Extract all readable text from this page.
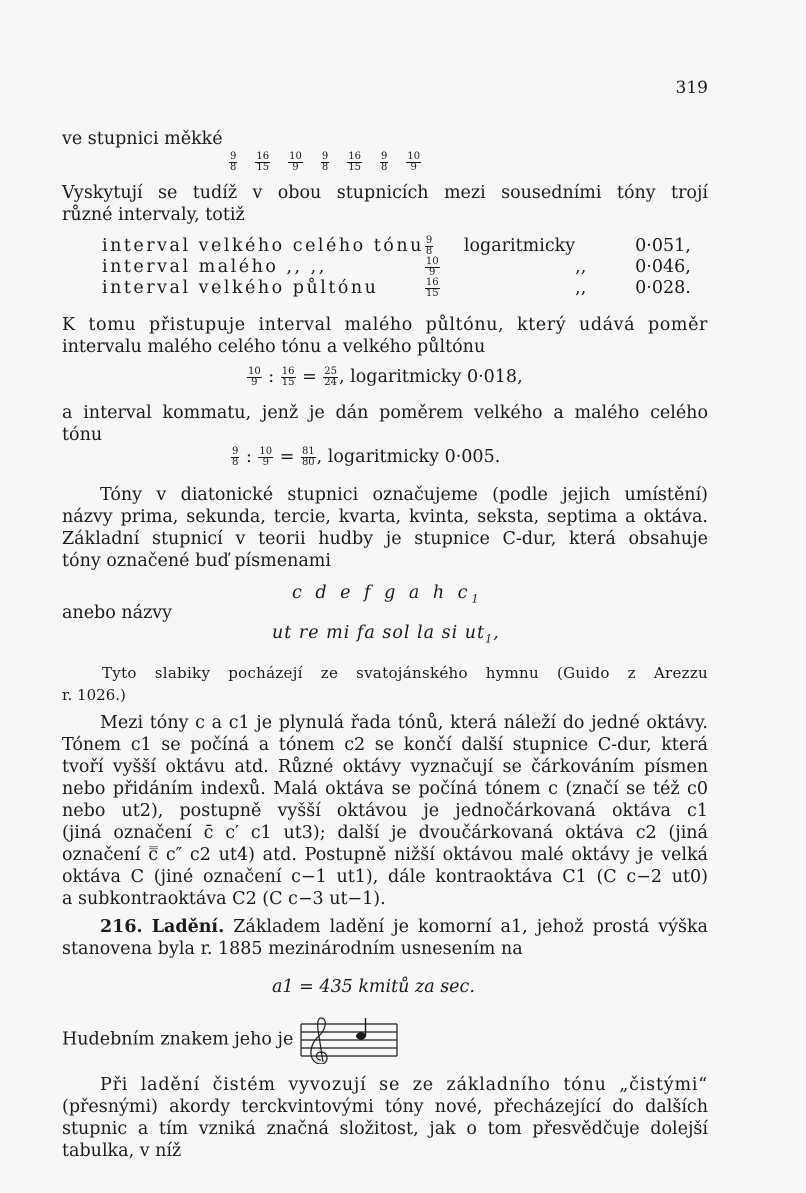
319
ve stupnici měkké
$\frac{9}{8} \frac{16}{15} \frac{10}{9} \frac{9}{8} \frac{16}{15} \frac{9}{8} \frac{10}{9}$
Vyskytují se tudíž v obou stupnicích mezi sousedními tóny trojí
různé intervaly, totiž
interval velkého celého tónu	$\frac{9}{8}$	logaritmicky		0·051,
interval malého ,, ,,	$\frac{10}{9}$		,,	0·046,
interval velkého půltónu	$\frac{16}{15}$		,,	0·028.
K tomu přistupuje interval malého půltónu, který udává poměr
intervalu malého celého tónu a velkého půltónu
$\frac{10}{9}$ : $\frac{16}{15} = \frac{25}{24}$ , logaritmicky 0·018,
a interval kommatu, jenž je dán poměrem velkého a malého celého
tónu
$\frac{9}{8}$ : $\frac{10}{9} = \frac{81}{80}$ , logaritmicky 0·005.
Tóny v diatonické stupnici označujeme (podle jejich umístění)
názvy prima, sekunda, tercie, kvarta, kvinta, seksta, septima a oktáva.
Základní stupnicí v teorii hudby je stupnice C-dur, která obsahuje
tóny označené buď písmenami
c d e f g a h $c_1$
anebo názvy
ut re mi fa sol la si $ut_1$,
Tyto slabiky pocházejí ze svatojánského hymnu (Guido z Arezzu
r. 1026.)
Mezi tóny c a c1 je plynulá řada tónů, která náleží do jedné oktávy.
Tónem c1 se počíná a tónem c2 se končí další stupnice C-dur, která
tvoří vyšší oktávu atd. Různé oktávy vyznačují se čárkováním písmen
nebo přidáním indexů. Malá oktáva se počíná tónem c (značí se též c0
nebo ut2), postupně vyšší oktávou je jednočárkovaná oktáva c1
(jiná označení c̄ c′ c1 ut3); další je dvoučárkovaná oktáva c2 (jiná
označení c̿ c″ c2 ut4) atd. Postupně nižší oktávou malé oktávy je velká
oktáva C (jiné označení c−1 ut1), dále kontraoktáva C1 (C c−2 ut0)
a subkontraoktáva C2 (C c−3 ut−1).
216. Ladění. Základem ladění je komorní a1, jehož prostá výška
stanovena byla r. 1885 mezinárodním usnesením na
a1 = 435 kmitů za sec.
Hudebním znakem jeho je
Při ladění čistém vyvozují se ze základního tónu „čistými“
(přesnými) akordy terckvintovými tóny nové, přecházející do dalších
stupnic a tím vzniká značná složitost, jak o tom přesvědčuje dolejší
tabulka, v níž
